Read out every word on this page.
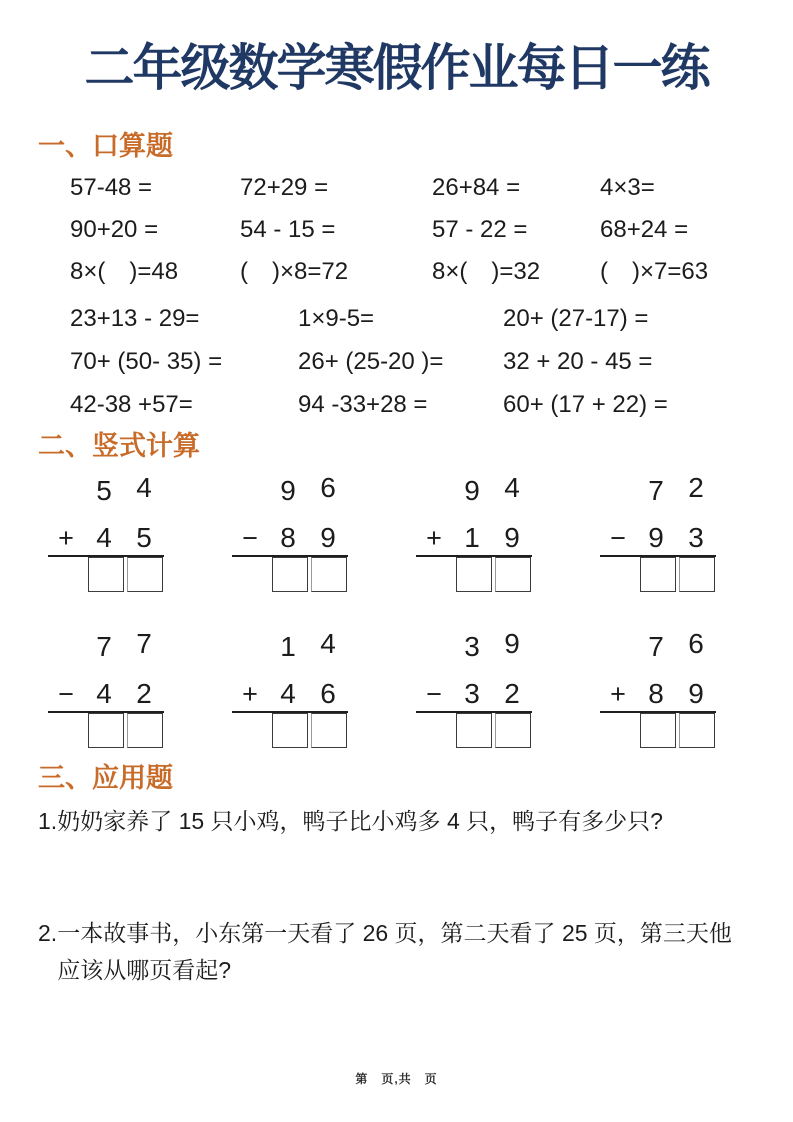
二年级数学寒假作业每日一练
一、口算题
57-48 =	72+29 =	26+84 =	4×3=
90+20 =	54 - 15 =	57 - 22 =	68+24 =
8×(　)=48	(　)×8=72	8×(　)=32	(　)×7=63
23+13 - 29=	1×9-5=	20+ (27-17) =
70+ (50- 35) =	26+ (25-20 )=	32 + 20 - 45 =
42-38 +57=	94 -33+28 =	60+ (17 + 22) =
二、竖式计算
5 4
+ 4 5
9 6
− 8 9
9 4
+ 1 9
7 2
− 9 3
7 7
− 4 2
1 4
+ 4 6
3 9
− 3 2
7 6
+ 8 9
三、应用题
1. 奶奶家养了 15 只小鸡，鸭子比小鸡多 4 只，鸭子有多少只?
2. 一本故事书，小东第一天看了 26 页，第二天看了 25 页，第三天他
应该从哪页看起?
第　页,共　页
